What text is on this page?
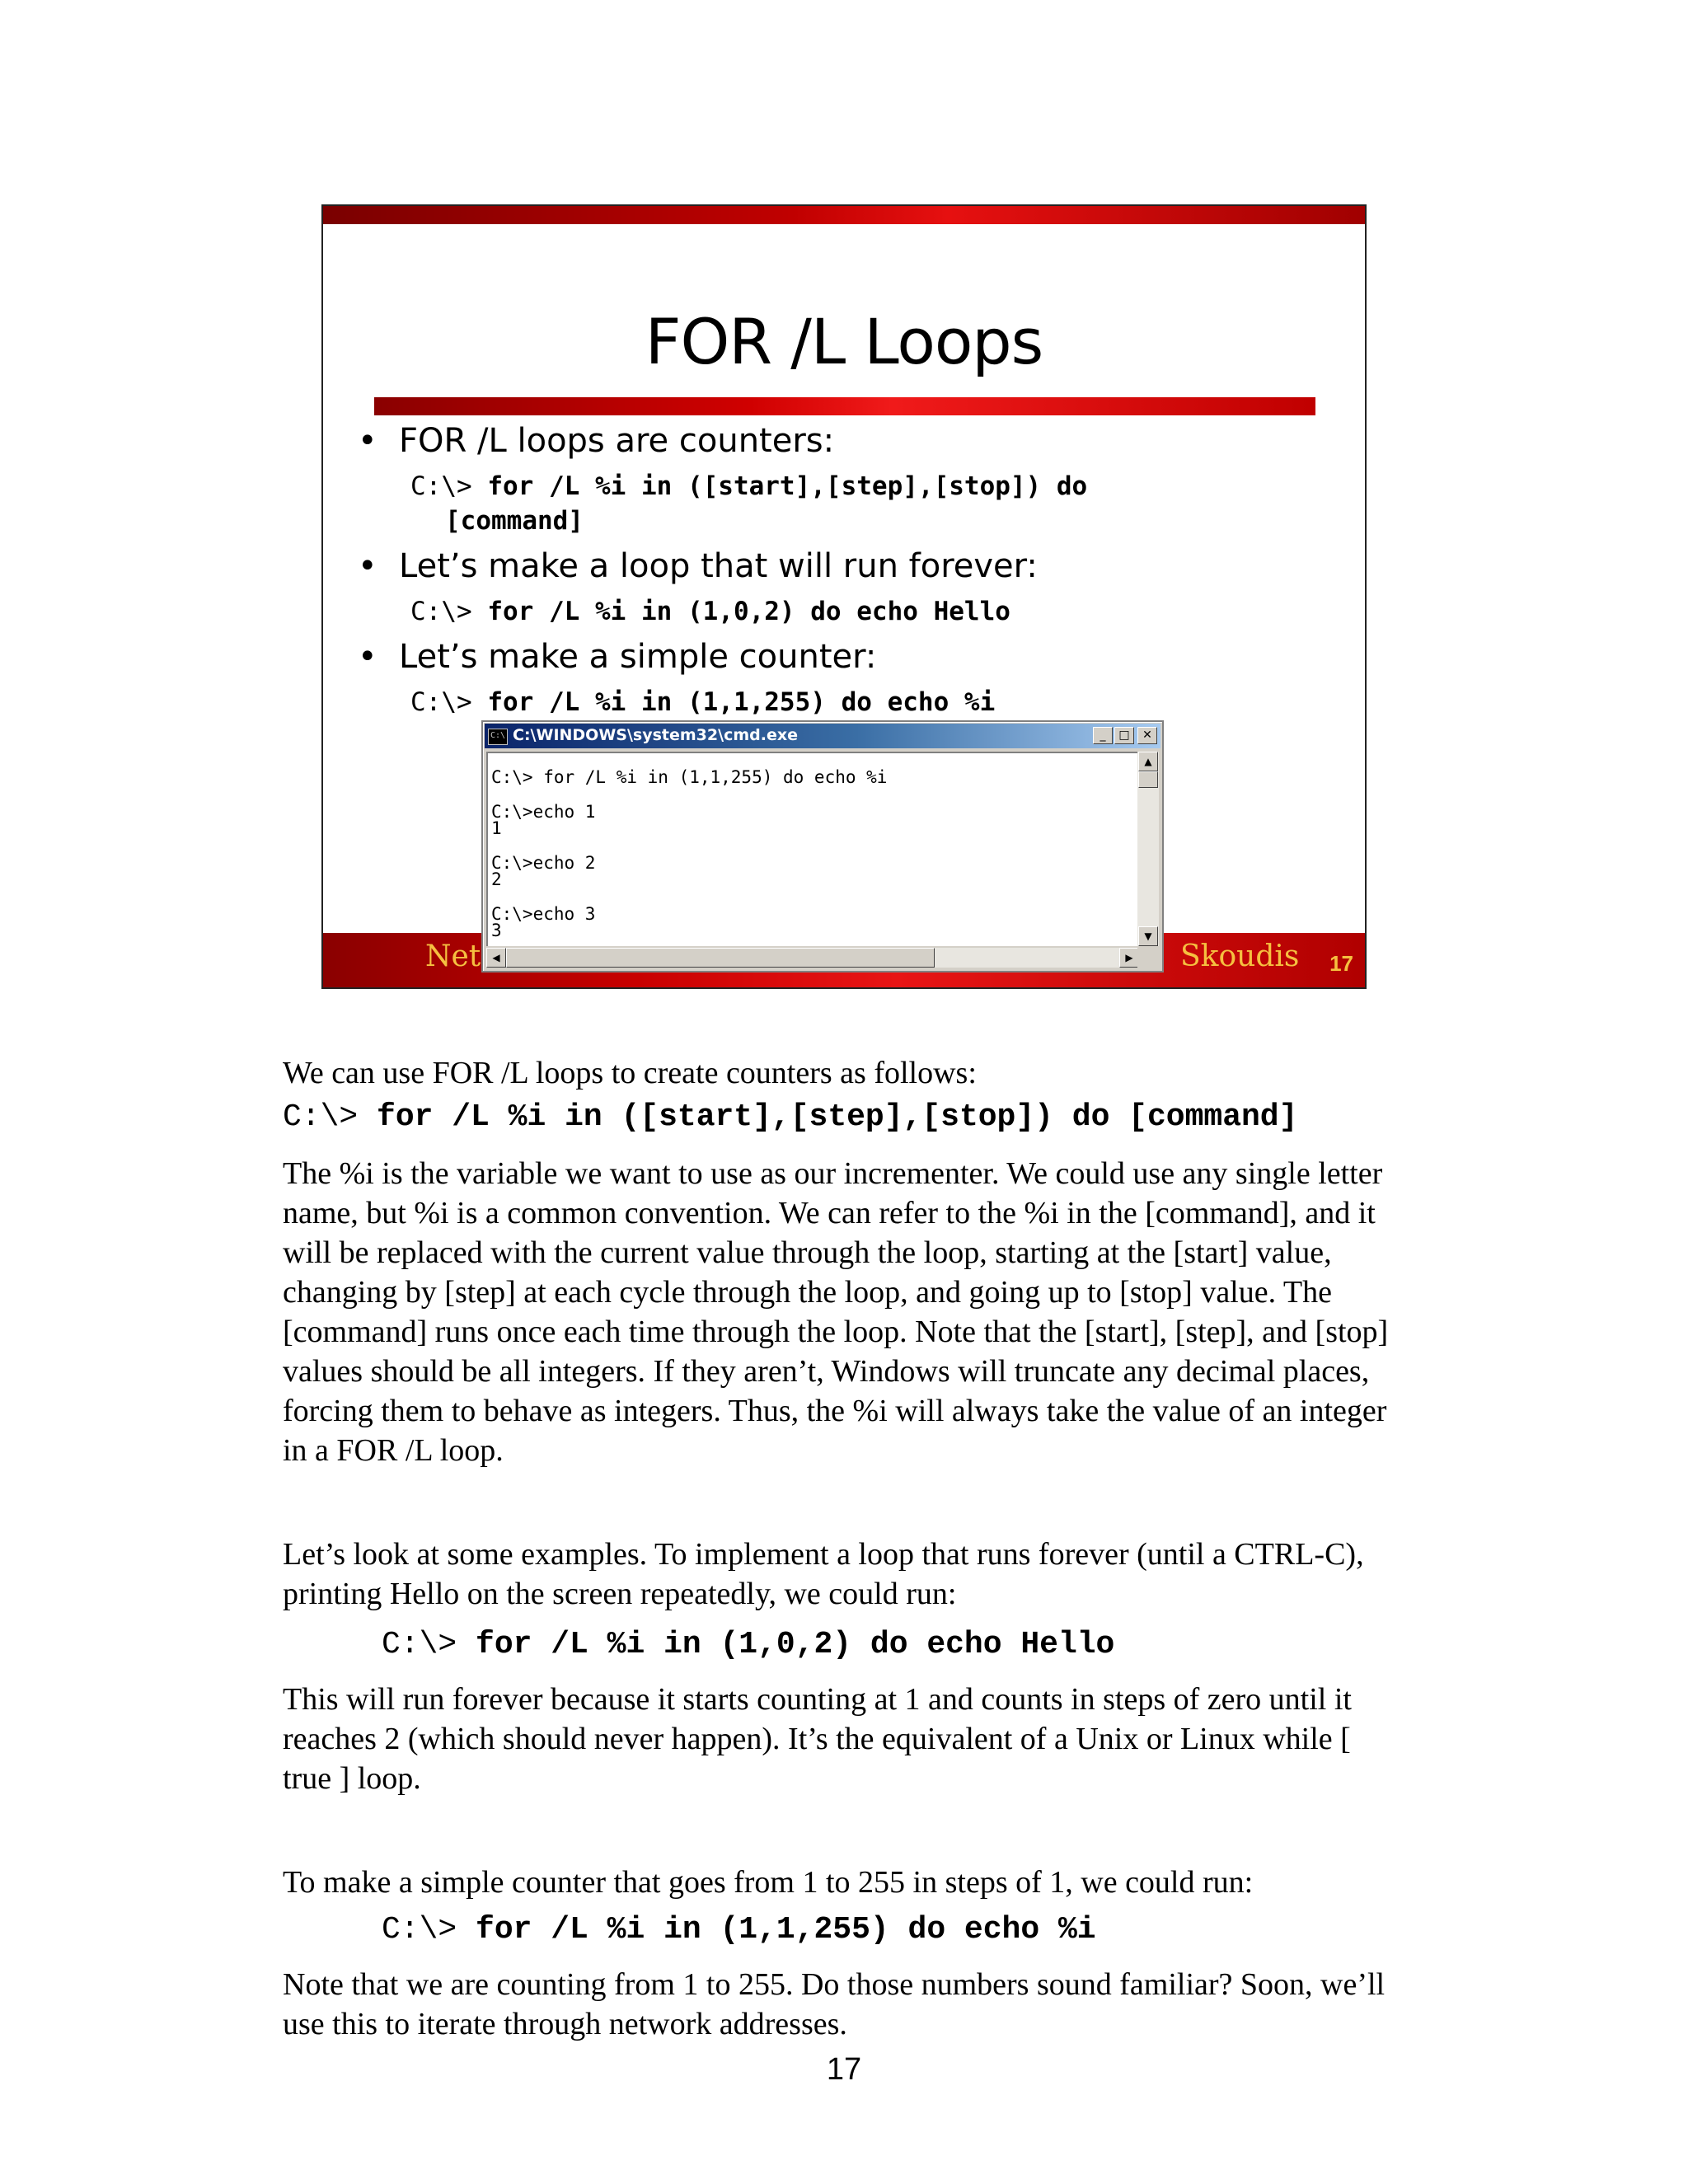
FOR /L Loops
• FOR /L loops are counters:
C:\> for /L %i in ([start],[step],[stop]) do
[command]
• Let’s make a loop that will run forever:
C:\> for /L %i in (1,0,2) do echo Hello
• Let’s make a simple counter:
C:\> for /L %i in (1,1,255) do echo %i
Net	Skoudis 17
C:\ C:\WINDOWS\system32\cmd.exe	_	□	✕
C:\> for /L %i in (1,1,255) do echo %i
C:\>echo 1
1
C:\>echo 2
2
C:\>echo 3
3
▲
▼
◀	▶
We can use FOR /L loops to create counters as follows:
C:\> for /L %i in ([start],[step],[stop]) do [command]
The %i is the variable we want to use as our incrementer. We could use any single letter name, but %i is a common convention. We can refer to the %i in the [command], and it will be replaced with the current value through the loop, starting at the [start] value, changing by [step] at each cycle through the loop, and going up to [stop] value. The [command] runs once each time through the loop. Note that the [start], [step], and [stop] values should be all integers. If they aren’t, Windows will truncate any decimal places, forcing them to behave as integers. Thus, the %i will always take the value of an integer in a FOR /L loop.
Let’s look at some examples. To implement a loop that runs forever (until a CTRL-C), printing Hello on the screen repeatedly, we could run:
C:\> for /L %i in (1,0,2) do echo Hello
This will run forever because it starts counting at 1 and counts in steps of zero until it reaches 2 (which should never happen). It’s the equivalent of a Unix or Linux while [ true ] loop.
To make a simple counter that goes from 1 to 255 in steps of 1, we could run:
C:\> for /L %i in (1,1,255) do echo %i
Note that we are counting from 1 to 255. Do those numbers sound familiar? Soon, we’ll use this to iterate through network addresses.
17
